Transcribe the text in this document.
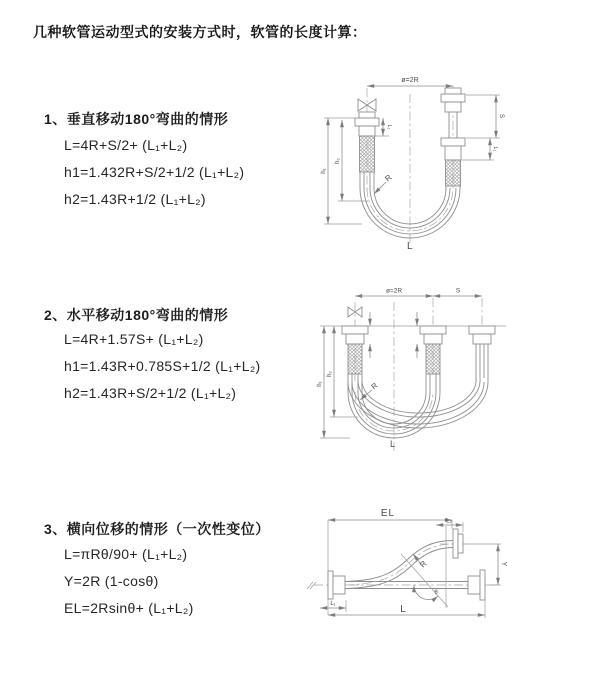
几种软管运动型式的安装方式时，软管的长度计算：
1、垂直移动180°弯曲的情形

L=4R+S/2+ (L₁+L₂)

h1=1.432R+S/2+1/2 (L₁+L₂)

h2=1.43R+1/2 (L₁+L₂)

2、水平移动180°弯曲的情形

L=4R+1.57S+ (L₁+L₂)

h1=1.43R+0.785S+1/2 (L₁+L₂)

h2=1.43R+S/2+1/2 (L₁+L₂)

3、横向位移的情形（一次性变位）

L=πRθ/90+ (L₁+L₂)

Y=2R (1-cosθ)

EL=2Rsinθ+ (L₁+L₂)

ø=2R
h₁
h₂
L₁
S
L₁
R
L
ø=2R	S
h₁
h₂
R
L
EL
L₂
θ
R	Y
L
L₁
